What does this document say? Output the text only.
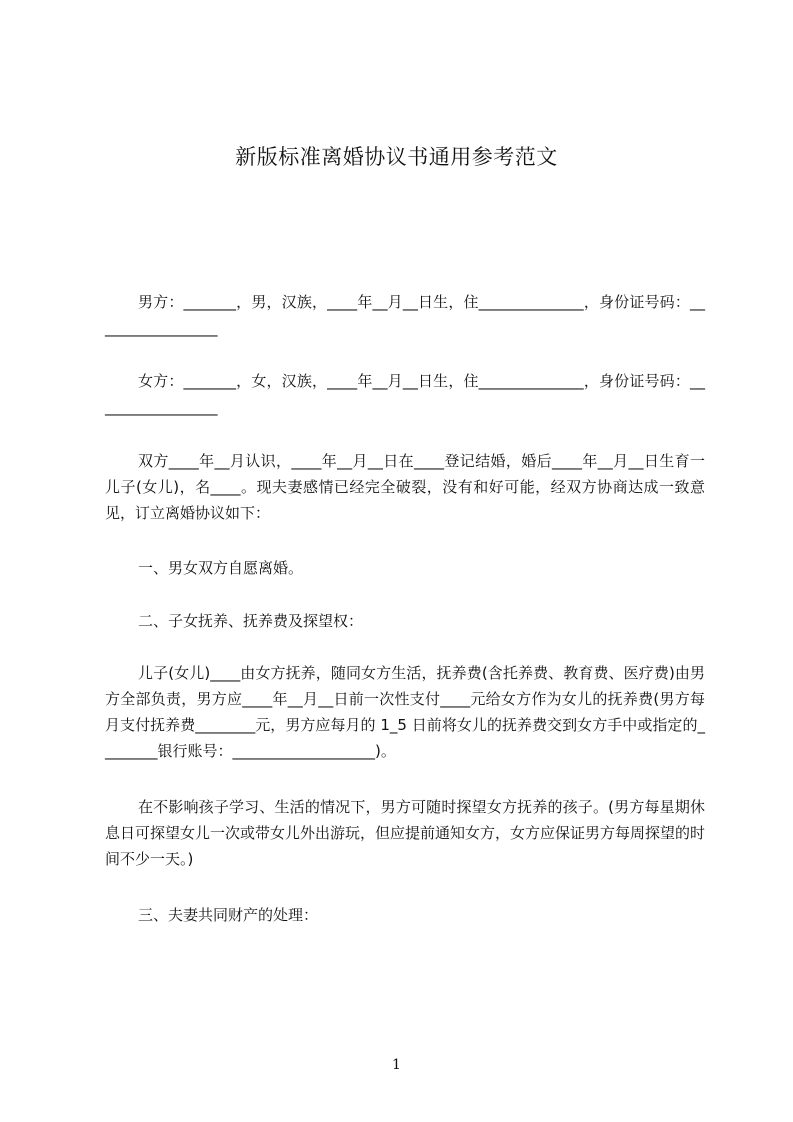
新版标准离婚协议书通用参考范文
男方：_______，男，汉族，____年__月__日生，住______________，身份证号码：_________________
女方：_______，女，汉族，____年__月__日生，住______________，身份证号码：_________________
双方____年__月认识，____年__月__日在____登记结婚，婚后____年__月__日生育一儿子(女儿)，名____。现夫妻感情已经完全破裂，没有和好可能，经双方协商达成一致意见，订立离婚协议如下：
一、男女双方自愿离婚。
二、子女抚养、抚养费及探望权：
儿子(女儿)____由女方抚养，随同女方生活，抚养费(含托养费、教育费、医疗费)由男方全部负责，男方应____年__月__日前一次性支付____元给女方作为女儿的抚养费(男方每月支付抚养费________元，男方应每月的 1_5 日前将女儿的抚养费交到女方手中或指定的________银行账号：___________________)。
在不影响孩子学习、生活的情况下，男方可随时探望女方抚养的孩子。(男方每星期休息日可探望女儿一次或带女儿外出游玩，但应提前通知女方，女方应保证男方每周探望的时间不少一天。)
三、夫妻共同财产的处理：
1
